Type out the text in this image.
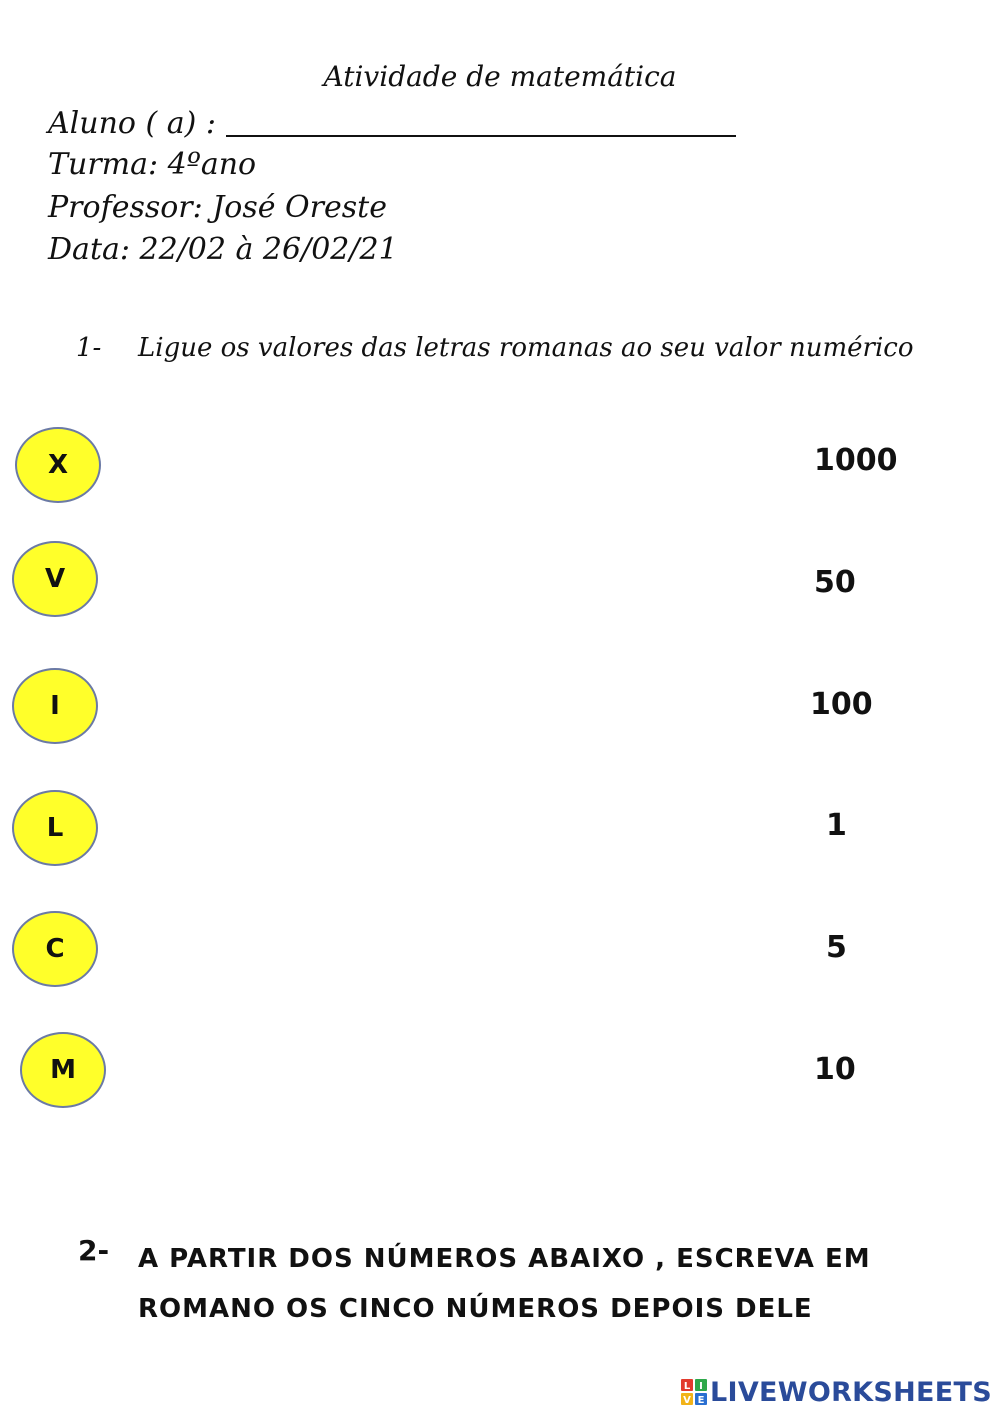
Atividade de matemática
Aluno ( a) :
Turma: 4ºano
Professor: José Oreste
Data: 22/02 à 26/02/21
1- Ligue os valores das letras romanas ao seu valor numérico
X
V
I
L
C
M
1000
50
100
1
5
10
2- A PARTIR DOS NÚMEROS ABAIXO , ESCREVA EM ROMANO OS CINCO NÚMEROS DEPOIS DELE
L I
V E LIVEWORKSHEETS
